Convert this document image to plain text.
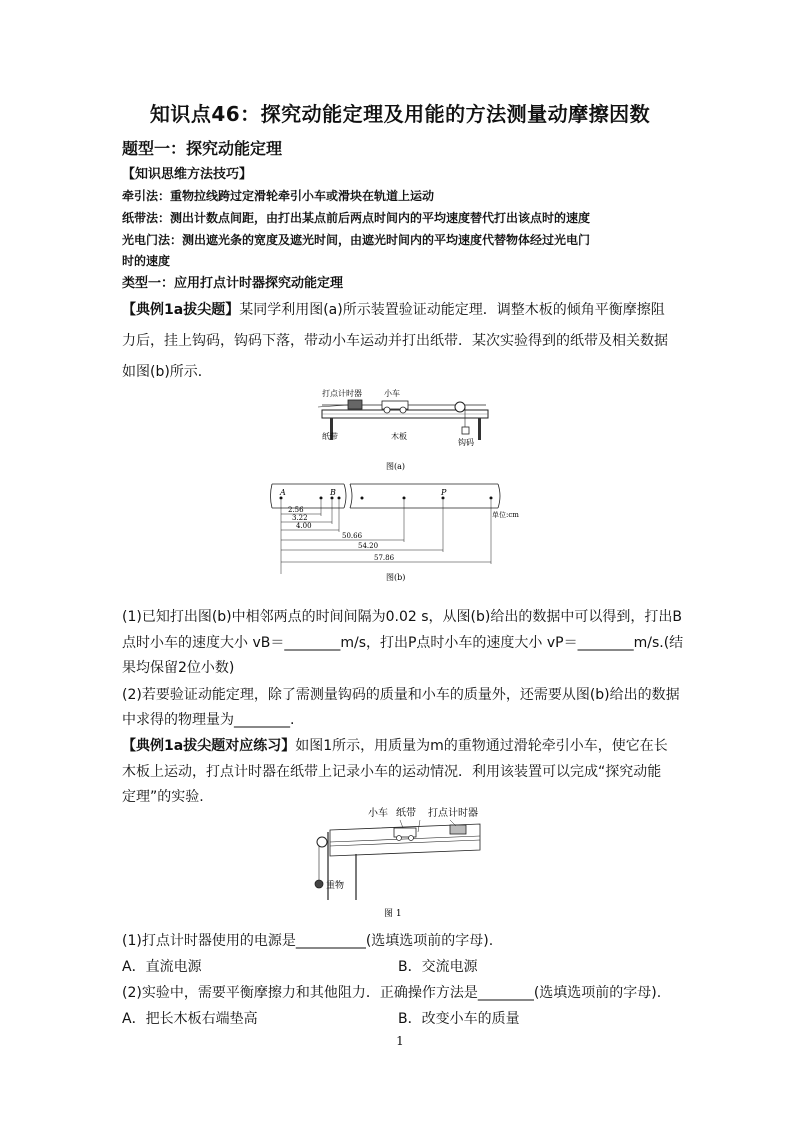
知识点46：探究动能定理及用能的方法测量动摩擦因数
题型一：探究动能定理
【知识思维方法技巧】
牵引法：重物拉线跨过定滑轮牵引小车或滑块在轨道上运动
纸带法：测出计数点间距，由打出某点前后两点时间内的平均速度替代打出该点时的速度
光电门法：测出遮光条的宽度及遮光时间，由遮光时间内的平均速度代替物体经过光电门
时的速度
类型一：应用打点计时器探究动能定理
【典例1a拔尖题】某同学利用图(a)所示装置验证动能定理．调整木板的倾角平衡摩擦阻
力后，挂上钩码，钩码下落，带动小车运动并打出纸带．某次实验得到的纸带及相关数据
如图(b)所示．
打点计时器	小车
纸带	木板
钩码
图(a)
A	B	P
2.56
3.22
4.00
50.66
54.20
57.86
单位:cm
图(b)
(1)已知打出图(b)中相邻两点的时间间隔为0.02 s，从图(b)给出的数据中可以得到，打出B
点时小车的速度大小 vB＝________m/s，打出P点时小车的速度大小 vP＝________m/s.(结
果均保留2位小数)
(2)若要验证动能定理，除了需测量钩码的质量和小车的质量外，还需要从图(b)给出的数据
中求得的物理量为________.
【典例1a拔尖题对应练习】如图1所示，用质量为m的重物通过滑轮牵引小车，使它在长
木板上运动，打点计时器在纸带上记录小车的运动情况．利用该装置可以完成“探究动能
定理”的实验.
小车 纸带 打点计时器
重物
图 1
(1)打点计时器使用的电源是__________(选填选项前的字母).
A．直流电源	B．交流电源
(2)实验中，需要平衡摩擦力和其他阻力．正确操作方法是________(选填选项前的字母).
A．把长木板右端垫高	B．改变小车的质量
1
